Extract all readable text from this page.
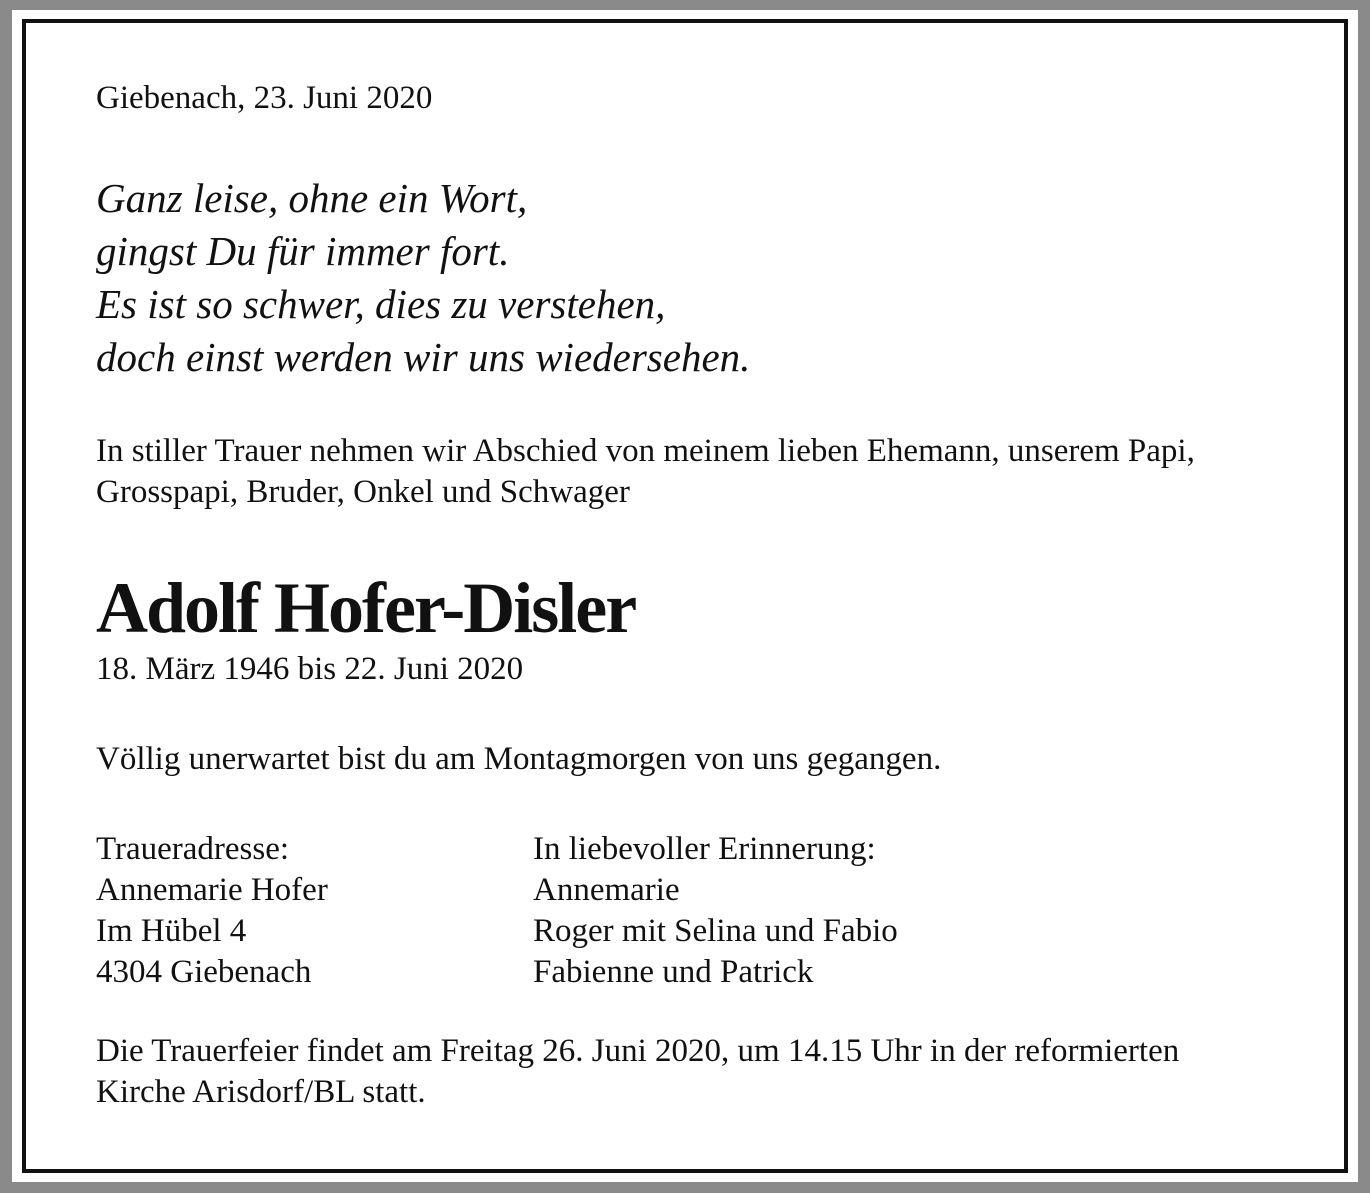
Giebenach, 23. Juni 2020
Ganz leise, ohne ein Wort,
gingst Du für immer fort.
Es ist so schwer, dies zu verstehen,
doch einst werden wir uns wiedersehen.
In stiller Trauer nehmen wir Abschied von meinem lieben Ehemann, unserem Papi,
Grosspapi, Bruder, Onkel und Schwager
Adolf Hofer-Disler
18. März 1946 bis 22. Juni 2020
Völlig unerwartet bist du am Montagmorgen von uns gegangen.
Traueradresse:
Annemarie Hofer
Im Hübel 4
4304 Giebenach
In liebevoller Erinnerung:
Annemarie
Roger mit Selina und Fabio
Fabienne und Patrick
Die Trauerfeier findet am Freitag 26. Juni 2020, um 14.15 Uhr in der reformierten
Kirche Arisdorf/BL statt.
